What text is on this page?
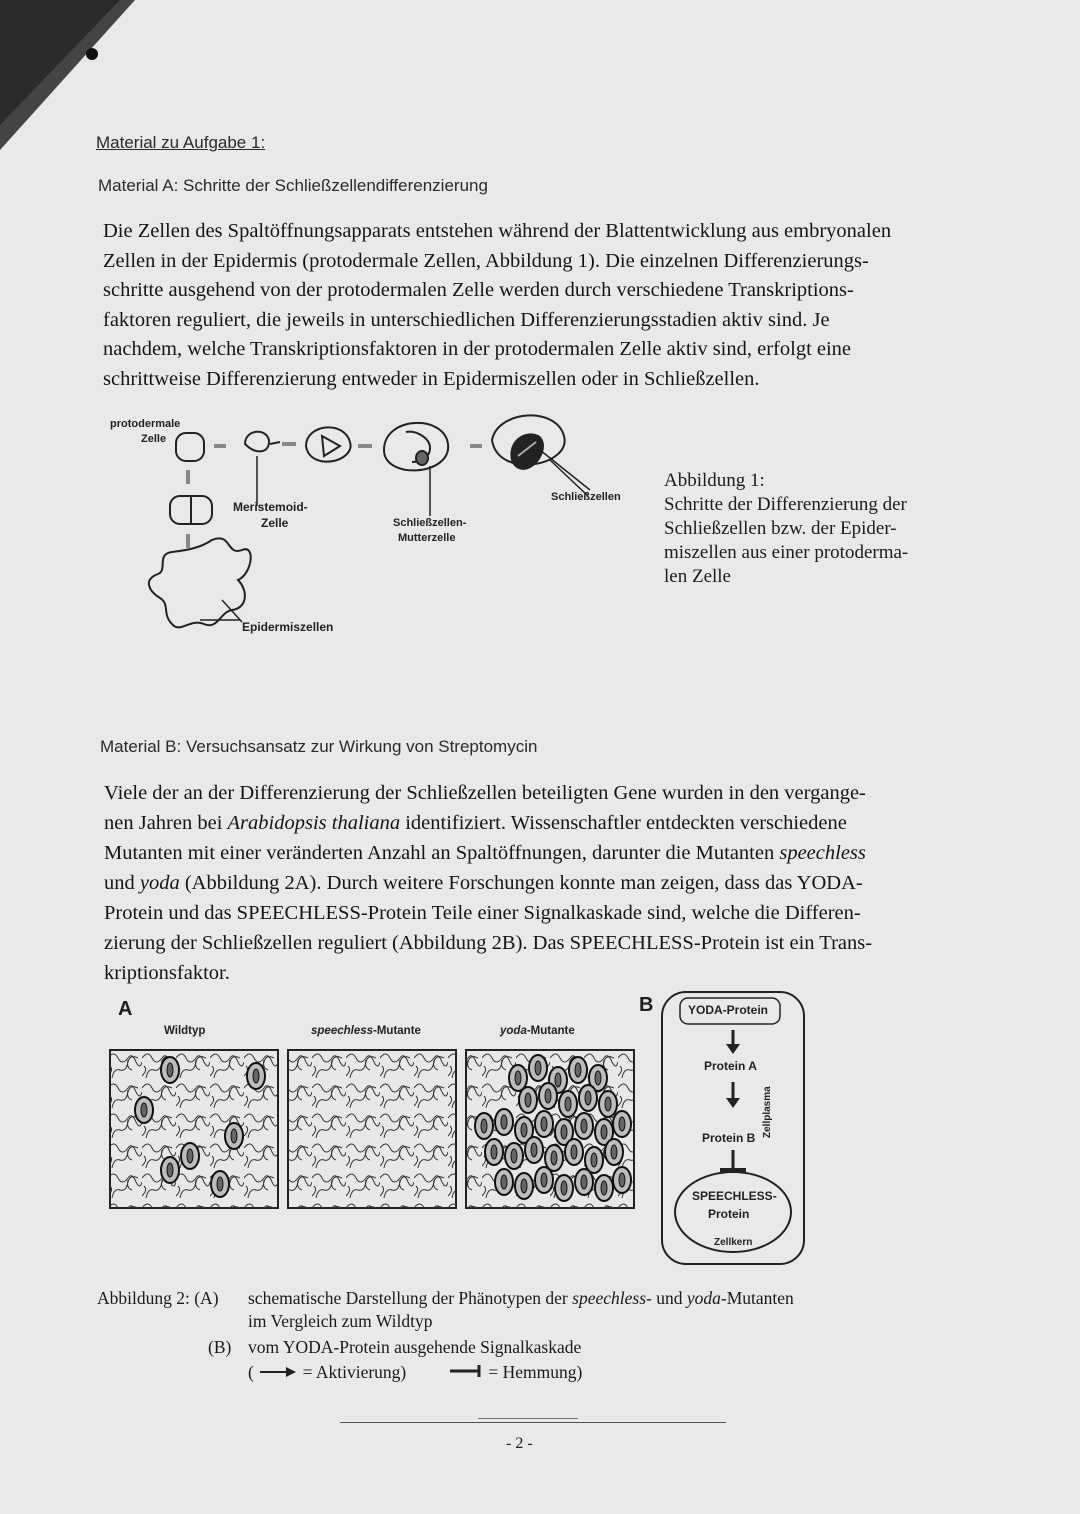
Material zu Aufgabe 1:
Material A: Schritte der Schließzellendifferenzierung
Die Zellen des Spaltöffnungsapparats entstehen während der Blattentwicklung aus embryonalen
Zellen in der Epidermis (protodermale Zellen, Abbildung 1). Die einzelnen Differenzierungs-
schritte ausgehend von der protodermalen Zelle werden durch verschiedene Transkriptions-
faktoren reguliert, die jeweils in unterschiedlichen Differenzierungsstadien aktiv sind. Je
nachdem, welche Transkriptionsfaktoren in der protodermalen Zelle aktiv sind, erfolgt eine
schrittweise Differenzierung entweder in Epidermiszellen oder in Schließzellen.
protodermale
Zelle
Meristemoid-
Zelle	Schließzellen-
Mutterzelle
Schließzellen
Epidermiszellen
Abbildung 1:
Schritte der Differenzierung der
Schließzellen bzw. der Epider-
miszellen aus einer protoderma-
len Zelle
Material B: Versuchsansatz zur Wirkung von Streptomycin
Viele der an der Differenzierung der Schließzellen beteiligten Gene wurden in den vergange-
nen Jahren bei Arabidopsis thaliana identifiziert. Wissenschaftler entdeckten verschiedene
Mutanten mit einer veränderten Anzahl an Spaltöffnungen, darunter die Mutanten speechless
und yoda (Abbildung 2A). Durch weitere Forschungen konnte man zeigen, dass das YODA-
Protein und das SPEECHLESS-Protein Teile einer Signalkaskade sind, welche die Differen-
zierung der Schließzellen reguliert (Abbildung 2B). Das SPEECHLESS-Protein ist ein Trans-
kriptionsfaktor.
A	B
Wildtyp	speechless-Mutante	yoda-Mutante
YODA-Protein
Protein A
Protein B
SPEECHLESS-
Protein
Zellkern
Zellplasma
Abbildung 2: (A) schematische Darstellung der Phänotypen der speechless- und yoda-Mutanten
im Vergleich zum Wildtyp
(B) vom YODA-Protein ausgehende Signalkaskade
(	= Aktivierung)	= Hemmung)
- 2 -
